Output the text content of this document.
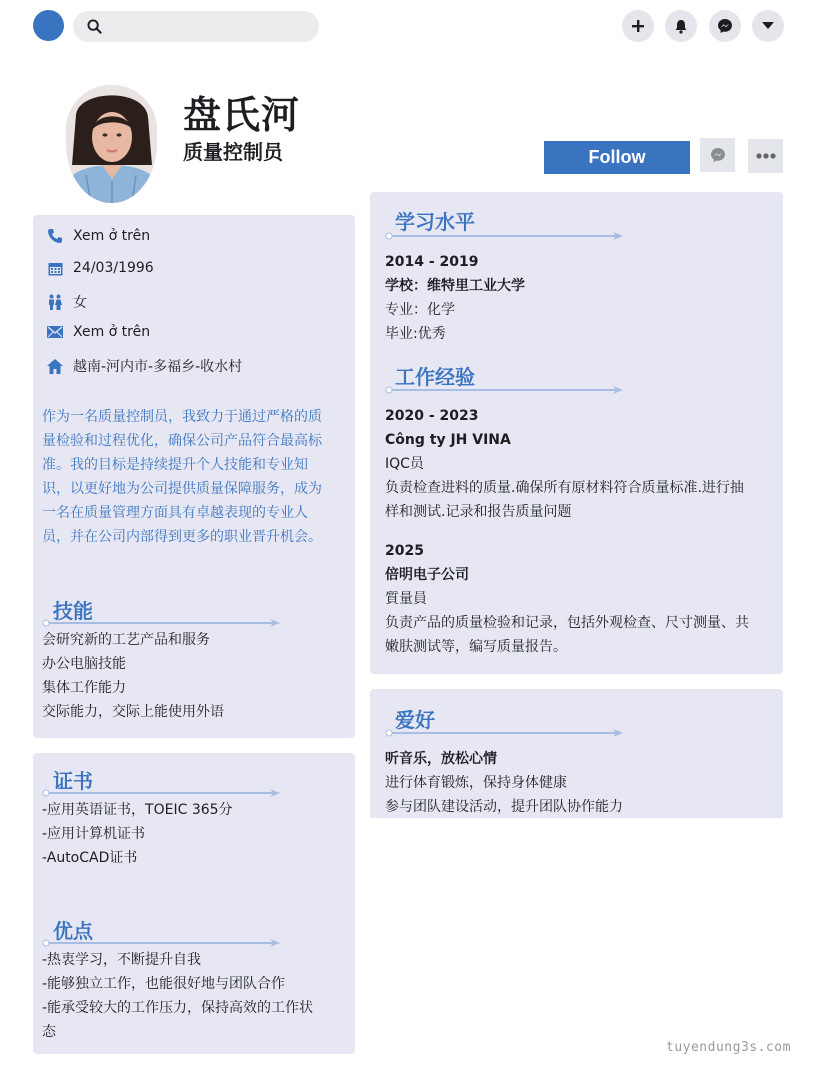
盘氏河
质量控制员	Follow
Xem ở trên
24/03/1996
女
Xem ở trên
越南-河内市-多福乡-收水村
作为一名质量控制员，我致力于通过严格的质量检验和过程优化，确保公司产品符合最高标准。我的目标是持续提升个人技能和专业知识，以更好地为公司提供质量保障服务，成为一名在质量管理方面具有卓越表现的专业人员，并在公司内部得到更多的职业晋升机会。
技能
会研究新的工艺产品和服务
办公电脑技能
集体工作能力
交际能力，交际上能使用外语
证书
-应用英语证书，TOEIC 365分
-应用计算机证书
-AutoCAD证书
优点
-热衷学习，不断提升自我
-能够独立工作，也能很好地与团队合作
-能承受较大的工作压力，保持高效的工作状
态
学习水平
2014 - 2019
学校：维特里工业大学
专业：化学
毕业:优秀
工作经验
2020 - 2023
Công ty JH VINA
IQC员
负责检查进料的质量.确保所有原材料符合质量标准.进行抽
样和测试.记录和报告质量问题
2025
倍明电子公司
質量員
负责产品的质量检验和记录，包括外观检查、尺寸测量、共
嫩肤测试等，编写质量报告。
爱好
听音乐，放松心情
进行体育锻炼，保持身体健康
参与团队建设活动，提升团队协作能力
tuyendung3s.com
